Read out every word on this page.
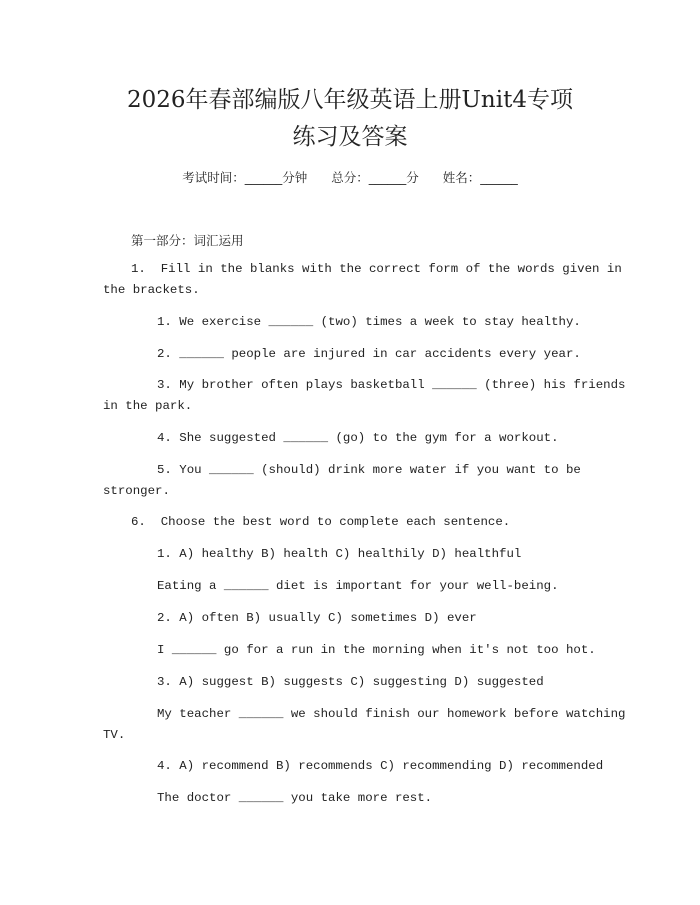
2026年春部编版八年级英语上册Unit4专项
练习及答案
考试时间：______分钟 总分：______分 姓名：______
第一部分：词汇运用
1.  Fill in the blanks with the correct form of the words given in
the brackets.
1. We exercise ______ (two) times a week to stay healthy.
2. ______ people are injured in car accidents every year.
3. My brother often plays basketball ______ (three) his friends
in the park.
4. She suggested ______ (go) to the gym for a workout.
5. You ______ (should) drink more water if you want to be
stronger.
6.  Choose the best word to complete each sentence.
1. A) healthy B) health C) healthily D) healthful
Eating a ______ diet is important for your well-being.
2. A) often B) usually C) sometimes D) ever
I ______ go for a run in the morning when it's not too hot.
3. A) suggest B) suggests C) suggesting D) suggested
My teacher ______ we should finish our homework before watching
TV.
4. A) recommend B) recommends C) recommending D) recommended
The doctor ______ you take more rest.
